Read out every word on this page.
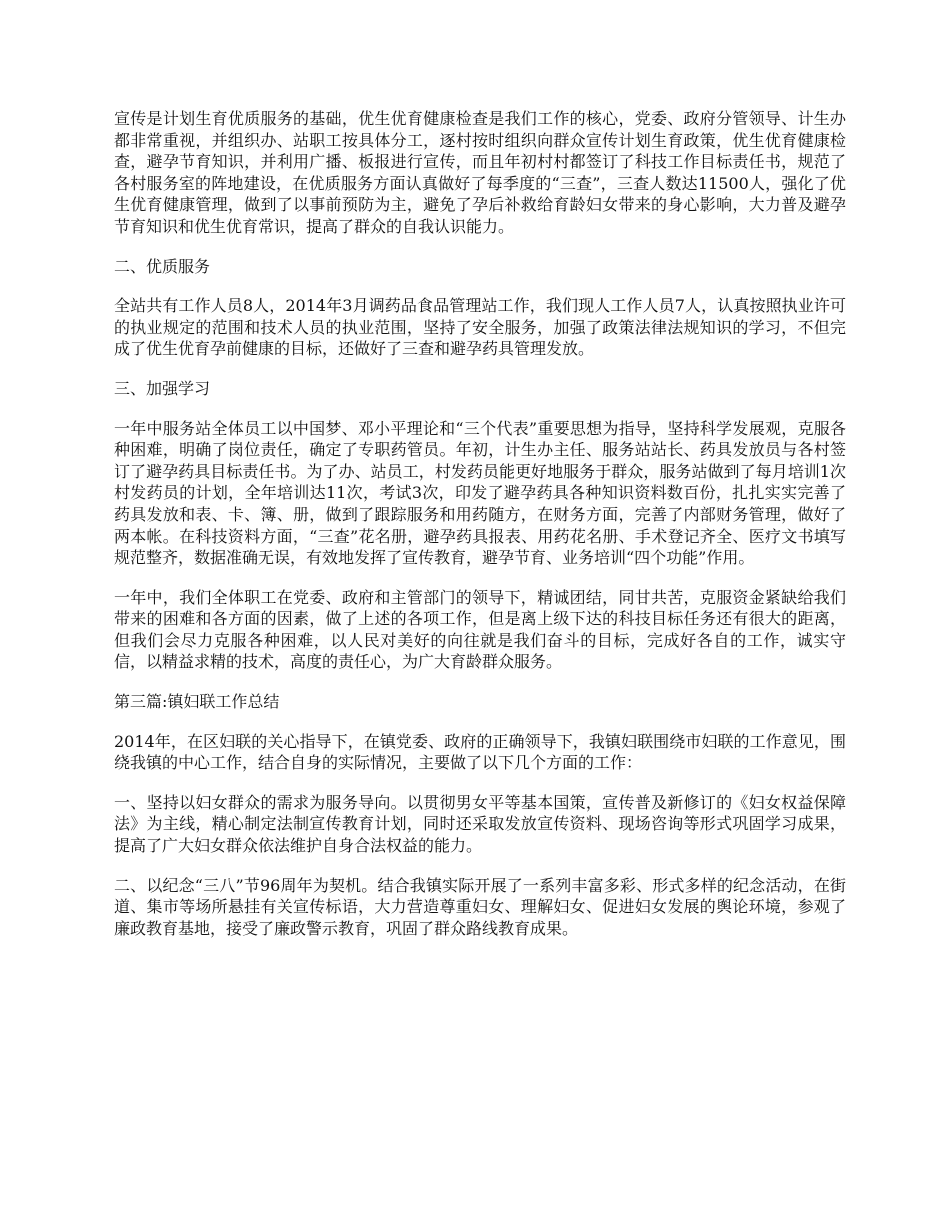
宣传是计划生育优质服务的基础，优生优育健康检查是我们工作的核心，党委、政府分管领导、计生办都非常重视，并组织办、站职工按具体分工，逐村按时组织向群众宣传计划生育政策，优生优育健康检查，避孕节育知识，并利用广播、板报进行宣传，而且年初村村都签订了科技工作目标责任书，规范了各村服务室的阵地建设，在优质服务方面认真做好了每季度的“三查”，三查人数达11500人，强化了优生优育健康管理，做到了以事前预防为主，避免了孕后补救给育龄妇女带来的身心影响，大力普及避孕节育知识和优生优育常识，提高了群众的自我认识能力。

二、优质服务

全站共有工作人员8人，2014年3月调药品食品管理站工作，我们现人工作人员7人，认真按照执业许可的执业规定的范围和技术人员的执业范围，坚持了安全服务，加强了政策法律法规知识的学习，不但完成了优生优育孕前健康的目标，还做好了三查和避孕药具管理发放。

三、加强学习

一年中服务站全体员工以中国梦、邓小平理论和“三个代表”重要思想为指导，坚持科学发展观，克服各种困难，明确了岗位责任，确定了专职药管员。年初，计生办主任、服务站站长、药具发放员与各村签订了避孕药具目标责任书。为了办、站员工，村发药员能更好地服务于群众，服务站做到了每月培训1次村发药员的计划，全年培训达11次，考试3次，印发了避孕药具各种知识资料数百份，扎扎实实完善了药具发放和表、卡、簿、册，做到了跟踪服务和用药随方，在财务方面，完善了内部财务管理，做好了两本帐。在科技资料方面，“三查”花名册，避孕药具报表、用药花名册、手术登记齐全、医疗文书填写规范整齐，数据准确无误，有效地发挥了宣传教育，避孕节育、业务培训“四个功能”作用。

一年中，我们全体职工在党委、政府和主管部门的领导下，精诚团结，同甘共苦，克服资金紧缺给我们带来的困难和各方面的因素，做了上述的各项工作，但是离上级下达的科技目标任务还有很大的距离，但我们会尽力克服各种困难，以人民对美好的向往就是我们奋斗的目标，完成好各自的工作，诚实守信，以精益求精的技术，高度的责任心，为广大育龄群众服务。

第三篇:镇妇联工作总结

2014年，在区妇联的关心指导下，在镇党委、政府的正确领导下，我镇妇联围绕市妇联的工作意见，围绕我镇的中心工作，结合自身的实际情况，主要做了以下几个方面的工作：

一、坚持以妇女群众的需求为服务导向。以贯彻男女平等基本国策，宣传普及新修订的《妇女权益保障法》为主线，精心制定法制宣传教育计划，同时还采取发放宣传资料、现场咨询等形式巩固学习成果，提高了广大妇女群众依法维护自身合法权益的能力。

二、以纪念“三八”节96周年为契机。结合我镇实际开展了一系列丰富多彩、形式多样的纪念活动，在街道、集市等场所悬挂有关宣传标语，大力营造尊重妇女、理解妇女、促进妇女发展的舆论环境，参观了廉政教育基地，接受了廉政警示教育，巩固了群众路线教育成果。
